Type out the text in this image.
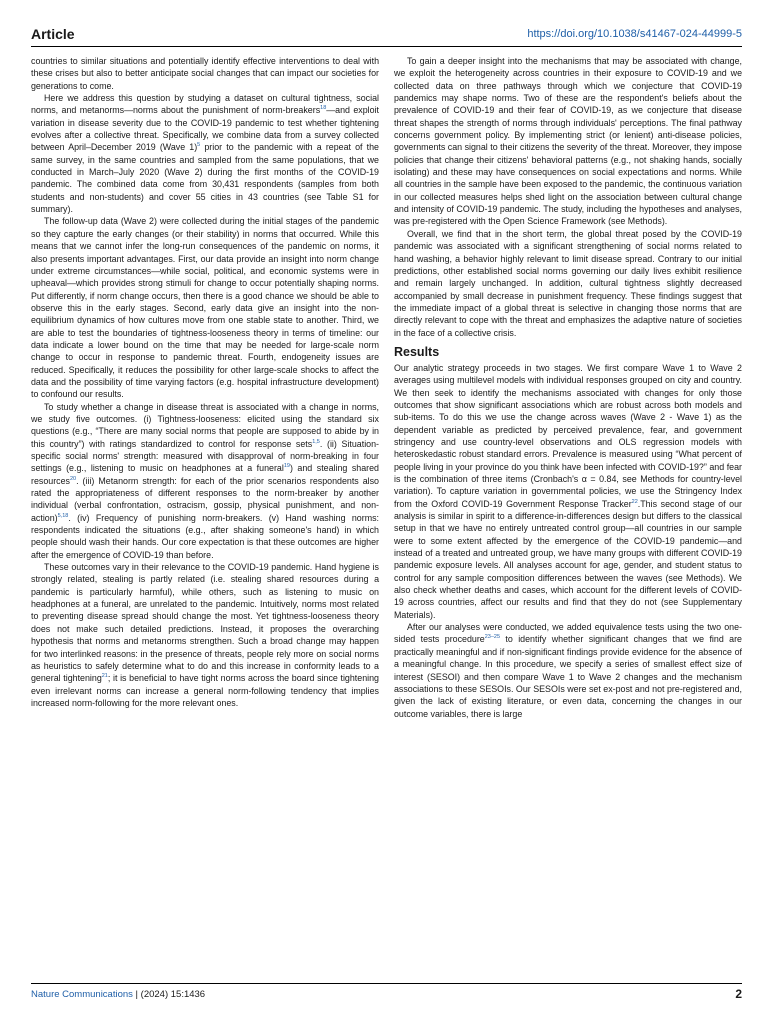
Article	https://doi.org/10.1038/s41467-024-44999-5

countries to similar situations and potentially identify effective interventions to deal with these crises but also to better anticipate social changes that can impact our societies for generations to come.

Here we address this question by studying a dataset on cultural tightness, social norms, and metanorms—norms about the punishment of norm-breakers$^{18}$—and exploit variation in disease severity due to the COVID-19 pandemic to test whether tightening evolves after a collective threat. Specifically, we combine data from a survey collected between April–December 2019 (Wave 1)$^5$ prior to the pandemic with a repeat of the same survey, in the same countries and sampled from the same populations, that we conducted in March–July 2020 (Wave 2) during the first months of the COVID-19 pandemic. The combined data come from 30,431 respondents (samples from both students and non-students) and cover 55 cities in 43 countries (see Table S1 for summary).

The follow-up data (Wave 2) were collected during the initial stages of the pandemic so they capture the early changes (or their stability) in norms that occurred. While this means that we cannot infer the long-run consequences of the pandemic on norms, it also presents important advantages. First, our data provide an insight into norm change under extreme circumstances—while social, political, and economic systems were in upheaval—which provides strong stimuli for change to occur potentially shaping norms. Put differently, if norm change occurs, then there is a good chance we should be able to observe this in the early stages. Second, early data give an insight into the non-equilibrium dynamics of how cultures move from one stable state to another. Third, we are able to test the boundaries of tightness-looseness theory in terms of timeline: our data indicate a lower bound on the time that may be needed for large-scale norm change to occur in response to pandemic threat. Fourth, endogeneity issues are reduced. Specifically, it reduces the possibility for other large-scale shocks to affect the data and the possibility of time varying factors (e.g. hospital infrastructure development) to confound our results.

To study whether a change in disease threat is associated with a change in norms, we study five outcomes. (i) Tightness-looseness: elicited using the standard six questions (e.g., “There are many social norms that people are supposed to abide by in this country”) with ratings standardized to control for response sets$^{1,5}$. (ii) Situation-specific social norms' strength: measured with disapproval of norm-breaking in four settings (e.g., listening to music on headphones at a funeral$^{19}$) and stealing shared resources$^{20}$. (iii) Metanorm strength: for each of the prior scenarios respondents also rated the appropriateness of different responses to the norm-breaker by another individual (verbal confrontation, ostracism, gossip, physical punishment, and non-action)$^{5,18}$. (iv) Frequency of punishing norm-breakers. (v) Hand washing norms: respondents indicated the situations (e.g., after shaking someone's hand) in which people should wash their hands. Our core expectation is that these outcomes are higher after the emergence of COVID-19 than before.

These outcomes vary in their relevance to the COVID-19 pandemic. Hand hygiene is strongly related, stealing is partly related (i.e. stealing shared resources during a pandemic is particularly harmful), while others, such as listening to music on headphones at a funeral, are unrelated to the pandemic. Intuitively, norms most related to preventing disease spread should change the most. Yet tightness-looseness theory does not make such detailed predictions. Instead, it proposes the overarching hypothesis that norms and metanorms strengthen. Such a broad change may happen for two interlinked reasons: in the presence of threats, people rely more on social norms as heuristics to safely determine what to do and this increase in conformity leads to a general tightening$^{21}$; it is beneficial to have tight norms across the board since tightening even irrelevant norms can increase a general norm-following tendency that implies increased norm-following for the more relevant ones.

To gain a deeper insight into the mechanisms that may be associated with change, we exploit the heterogeneity across countries in their exposure to COVID-19 and we collected data on three pathways through which we conjecture that COVID-19 pandemics may shape norms. Two of these are the respondent's beliefs about the prevalence of COVID-19 and their fear of COVID-19, as we conjecture that disease threat shapes the strength of norms through individuals' perceptions. The final pathway concerns government policy. By implementing strict (or lenient) anti-disease policies, governments can signal to their citizens the severity of the threat. Moreover, they impose policies that change their citizens' behavioral patterns (e.g., not shaking hands, socially isolating) and these may have consequences on social expectations and norms. While all countries in the sample have been exposed to the pandemic, the continuous variation in our collected measures helps shed light on the association between cultural change and intensity of COVID-19 pandemic. The study, including the hypotheses and analyses, was pre-registered with the Open Science Framework (see Methods).

Overall, we find that in the short term, the global threat posed by the COVID-19 pandemic was associated with a significant strengthening of social norms related to hand washing, a behavior highly relevant to limit disease spread. Contrary to our initial predictions, other established social norms governing our daily lives exhibit resilience and remain largely unchanged. In addition, cultural tightness slightly decreased accompanied by small decrease in punishment frequency. These findings suggest that the immediate impact of a global threat is selective in changing those norms that are directly relevant to cope with the threat and emphasizes the adaptive nature of societies in the face of a collective crisis.

Results

Our analytic strategy proceeds in two stages. We first compare Wave 1 to Wave 2 averages using multilevel models with individual responses grouped on city and country. We then seek to identify the mechanisms associated with changes for only those outcomes that show significant associations which are robust across both models and sub-items. To do this we use the change across waves (Wave 2 - Wave 1) as the dependent variable as predicted by perceived prevalence, fear, and government stringency and use country-level observations and OLS regression models with heteroskedastic robust standard errors. Prevalence is measured using “What percent of people living in your province do you think have been infected with COVID-19?” and fear is the combination of three items (Cronbach's α = 0.84, see Methods for country-level variation). To capture variation in governmental policies, we use the Stringency Index from the Oxford COVID-19 Government Response Tracker$^{22}$.This second stage of our analysis is similar in spirit to a difference-in-differences design but differs to the classical setup in that we have no entirely untreated control group—all countries in our sample were to some extent affected by the emergence of the COVID-19 pandemic—and instead of a treated and untreated group, we have many groups with different COVID-19 pandemic exposure levels. All analyses account for age, gender, and student status to control for any sample composition differences between the waves (see Methods). We also check whether deaths and cases, which account for the different levels of COVID-19 across countries, affect our results and find that they do not (see Supplementary Materials).

After our analyses were conducted, we added equivalence tests using the two one-sided tests procedure$^{23-25}$ to identify whether significant changes that we find are practically meaningful and if non-significant findings provide evidence for the absence of a meaningful change. In this procedure, we specify a series of smallest effect size of interest (SESOI) and then compare Wave 1 to Wave 2 changes and the mechanism associations to these SESOIs. Our SESOIs were set ex-post and not pre-registered and, given the lack of existing literature, or even data, concerning the changes in our outcome variables, there is large

Nature Communications | (2024) 15:1436	2
